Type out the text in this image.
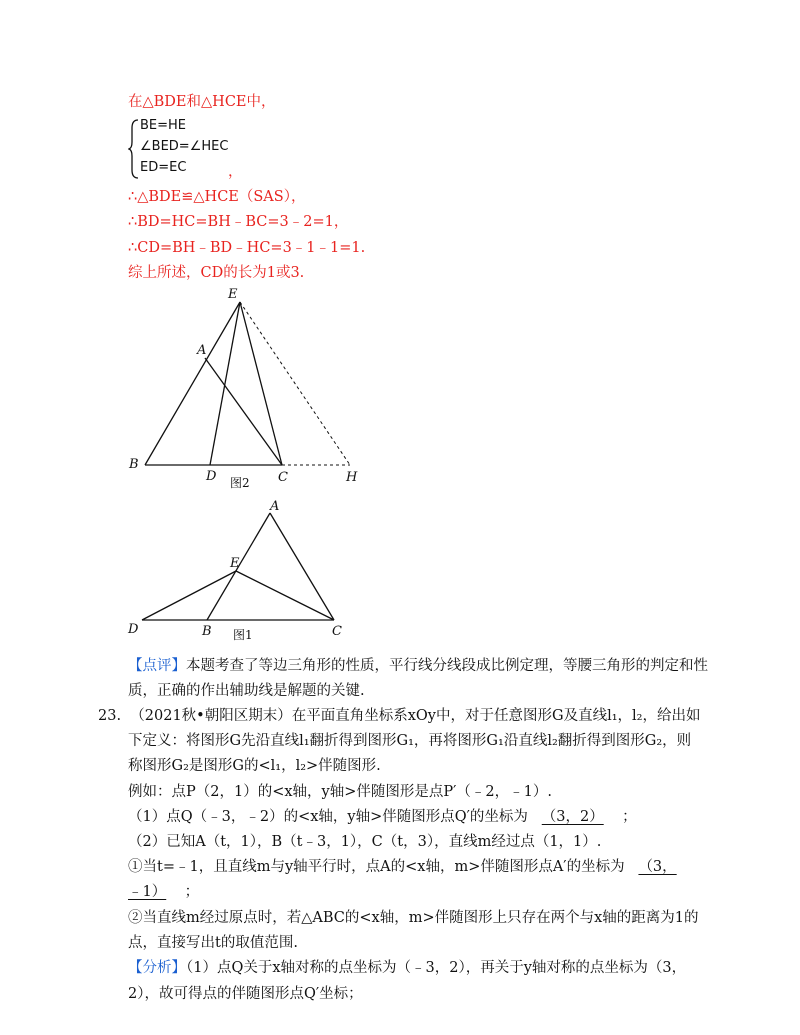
在△BDE和△HCE中，
BE=HE
∠BED=∠HEC
ED=EC	，
∴△BDE≌△HCE（SAS），
∴BD=HC=BH﹣BC=3﹣2=1，
∴CD=BH﹣BD﹣HC=3﹣1﹣1=1.
综上所述，CD的长为1或3.
E
A
B
D	C	H
图2
A
E
D	B	C
图1
【点评】本题考查了等边三角形的性质，平行线分线段成比例定理，等腰三角形的判定和性
质，正确的作出辅助线是解题的关键.
23. （2021秋•朝阳区期末）在平面直角坐标系xOy中，对于任意图形G及直线l₁，l₂，给出如
下定义：将图形G先沿直线l₁翻折得到图形G₁，再将图形G₁沿直线l₂翻折得到图形G₂，则
称图形G₂是图形G的<l₁，l₂>伴随图形.
例如：点P（2，1）的<x轴，y轴>伴随图形是点P′（﹣2，﹣1）.
（1）点Q（﹣3，﹣2）的<x轴，y轴>伴随图形点Q′的坐标为 （3，2） ；
（2）已知A（t，1），B（t﹣3，1），C（t，3），直线m经过点（1，1）.
①当t=﹣1，且直线m与y轴平行时，点A的<x轴，m>伴随图形点A′的坐标为 （3，
﹣1） ；
②当直线m经过原点时，若△ABC的<x轴，m>伴随图形上只存在两个与x轴的距离为1的
点，直接写出t的取值范围.
【分析】（1）点Q关于x轴对称的点坐标为（﹣3，2），再关于y轴对称的点坐标为（3，
2），故可得点的伴随图形点Q′坐标；
